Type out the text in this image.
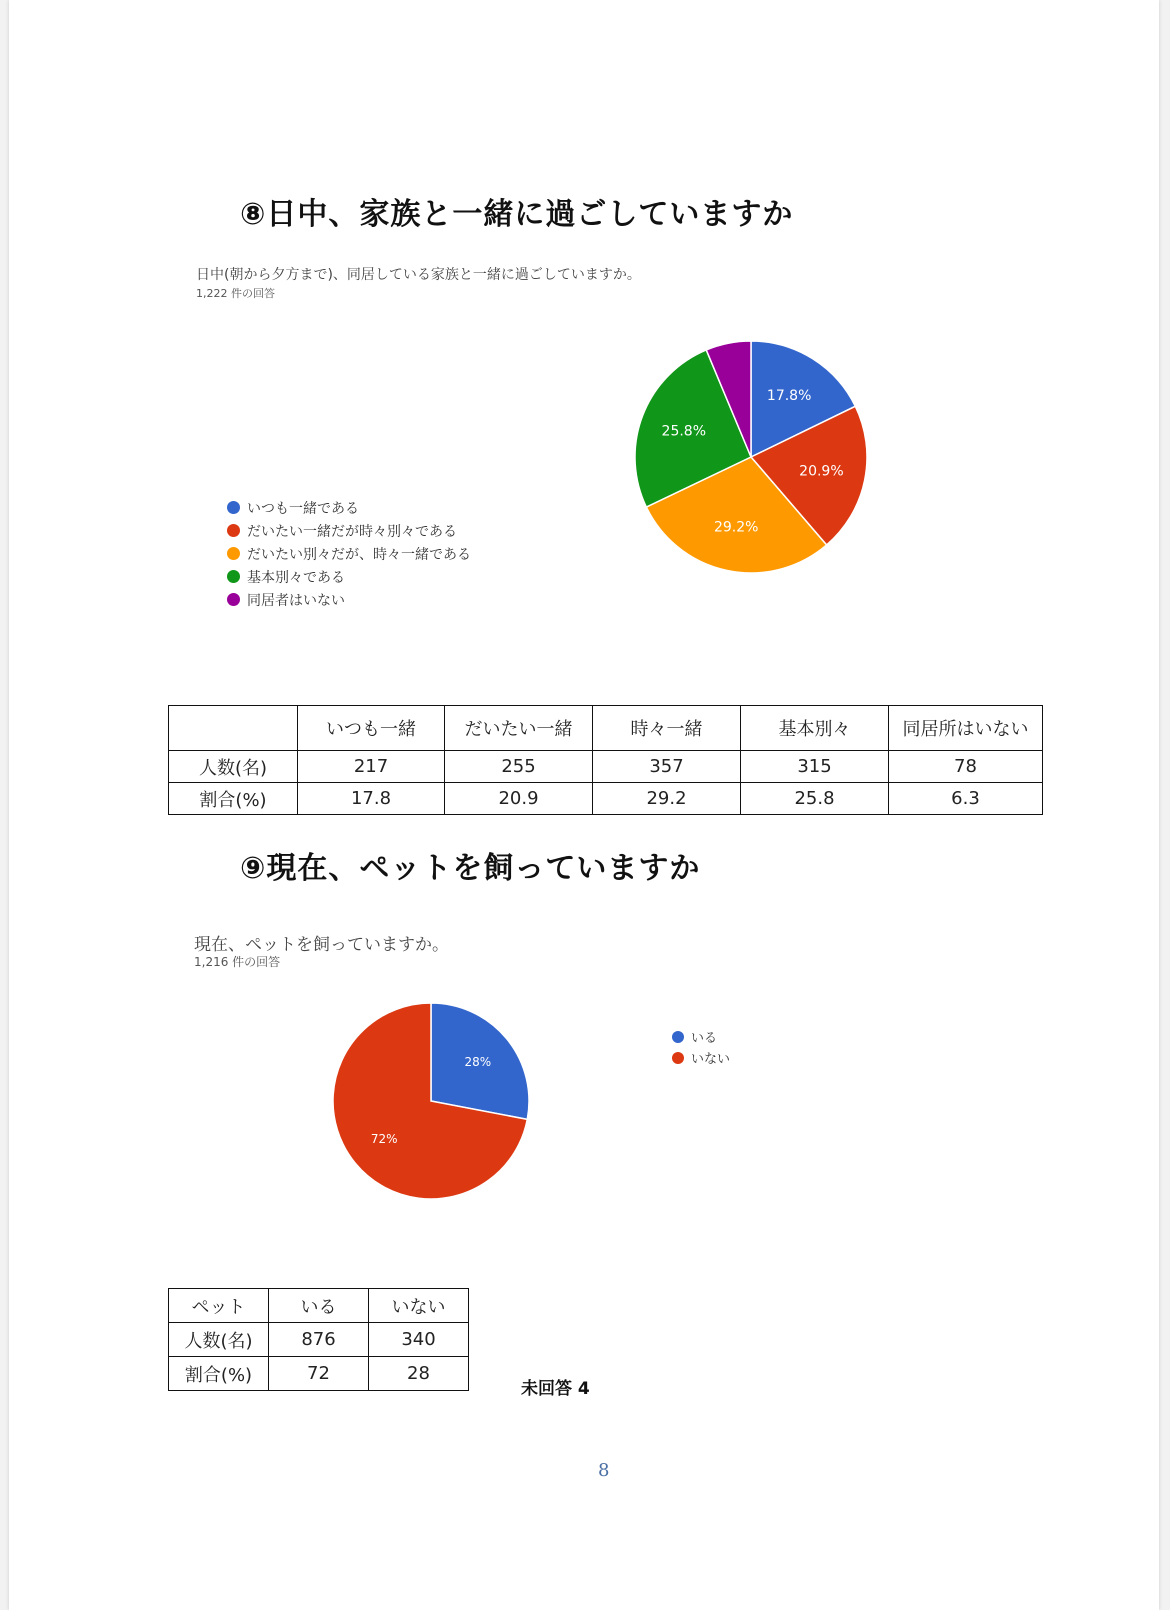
⑧日中、家族と一緒に過ごしていますか
日中(朝から夕方まで)、同居している家族と一緒に過ごしていますか。
1,222 件の回答
いつも一緒である
だいたい一緒だが時々別々である
だいたい別々だが、時々一緒である
基本別々である
同居者はいない
17.8%
20.9%
29.2%
25.8%
	いつも一緒	だいたい一緒	時々一緒	基本別々	同居所はいない
人数(名)	217	255	357	315	78
割合(%)	17.8	20.9	29.2	25.8	6.3
⑨現在、ペットを飼っていますか
現在、ペットを飼っていますか。
1,216 件の回答
28%
72%
いる
いない
ペット	いる	いない
人数(名)	876	340
割合(%)	72	28
未回答 4
8
